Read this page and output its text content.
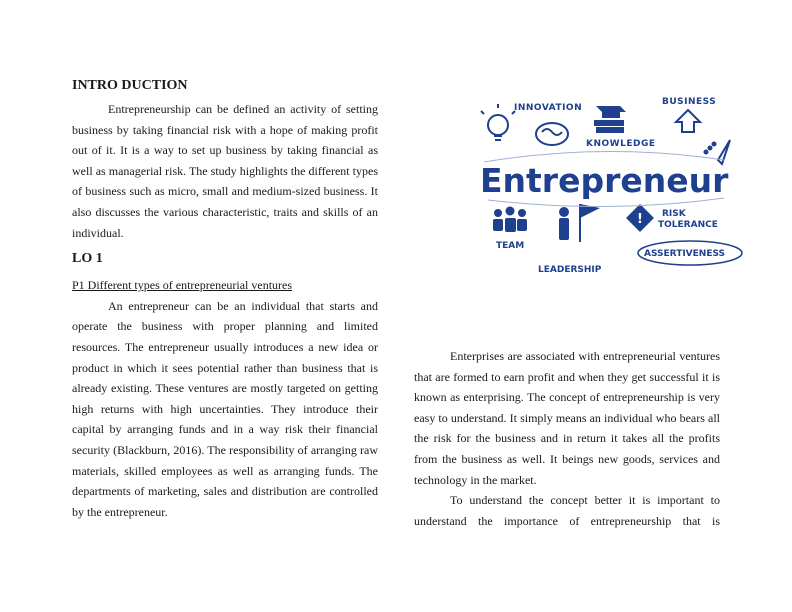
INTRO DUCTION

Entrepreneurship can be defined an activity of setting business by taking financial risk with a hope of making profit out of it. It is a way to set up business by taking financial as well as managerial risk. The study highlights the different types of business such as micro, small and medium-sized business. It also discusses the various characteristic, traits and skills of an individual.

LO 1

P1 Different types of entrepreneurial ventures

An entrepreneur can be an individual that starts and operate the business with proper planning and limited resources. The entrepreneur usually introduces a new idea or product in which it sees potential rather than business that is already existing. These ventures are mostly targeted on getting high returns with high uncertainties. They introduce their capital by arranging funds and in a way risk their financial security (Blackburn, 2016). The responsibility of arranging raw materials, skilled employees as well as arranging funds. The departments of marketing, sales and distribution are controlled by the entrepreneur.

INNOVATION
KNOWLEDGE
BUSINESS
Entrepreneur
TEAM
LEADERSHIP
! RISK
TOLERANCE
ASSERTIVENESS

Enterprises are associated with entrepreneurial ventures that are formed to earn profit and when they get successful it is known as enterprising. The concept of entrepreneurship is very easy to understand. It simply means an individual who bears all the risk for the business and in return it takes all the profits from the business as well. It beings new goods, services and technology in the market.

To understand the concept better it is important to understand the importance of entrepreneurship that is
